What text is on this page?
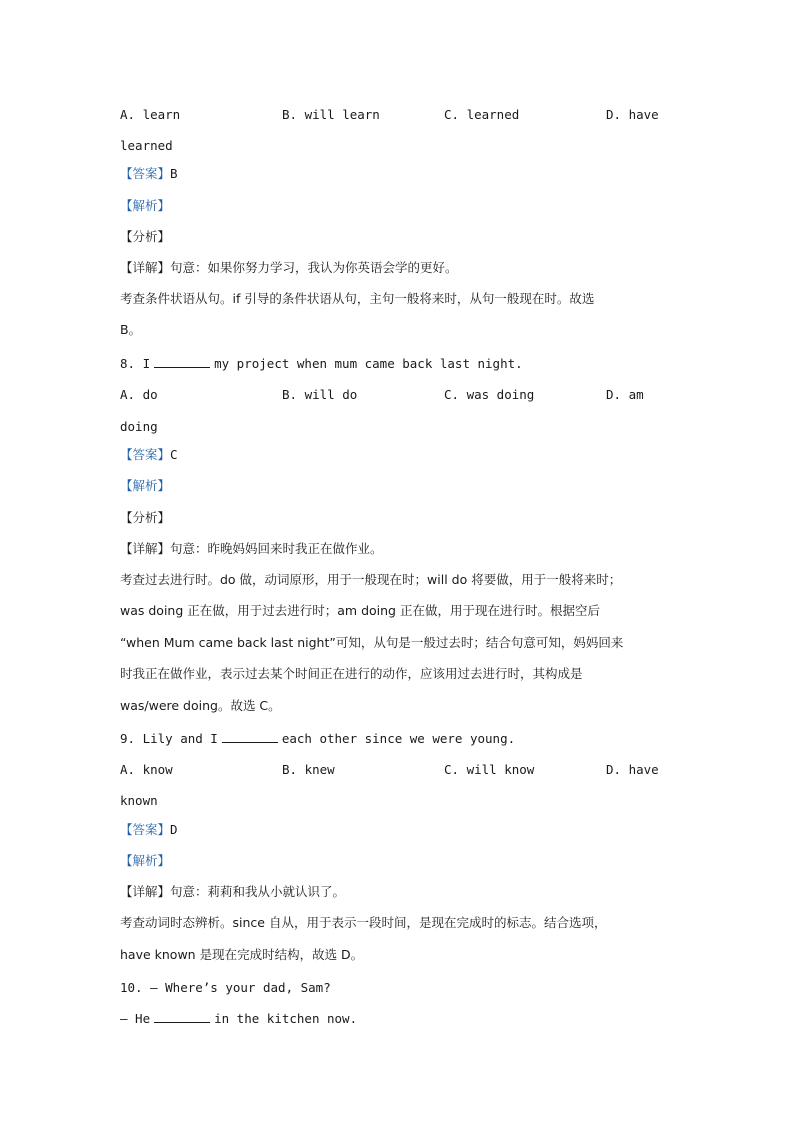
A. learn	B. will learn	C. learned	D. have
learned
【答案】B
【解析】
【分析】
【详解】句意：如果你努力学习，我认为你英语会学的更好。
考查条件状语从句。if 引导的条件状语从句，主句一般将来时，从句一般现在时。故选
B。
8. I	my project when mum came back last night.
A. do	B. will do	C. was doing	D. am
doing
【答案】C
【解析】
【分析】
【详解】句意：昨晚妈妈回来时我正在做作业。
考查过去进行时。do 做，动词原形，用于一般现在时；will do 将要做，用于一般将来时；
was doing 正在做，用于过去进行时；am doing 正在做，用于现在进行时。根据空后
“when Mum came back last night”可知，从句是一般过去时；结合句意可知，妈妈回来
时我正在做作业，表示过去某个时间正在进行的动作，应该用过去进行时，其构成是
was/were doing。故选 C。
9. Lily and I	each other since we were young.
A. know	B. knew	C. will know	D. have
known
【答案】D
【解析】
【详解】句意：莉莉和我从小就认识了。
考查动词时态辨析。since 自从，用于表示一段时间，是现在完成时的标志。结合选项，
have known 是现在完成时结构，故选 D。
10. — Where’s your dad, Sam?
— He	in the kitchen now.
